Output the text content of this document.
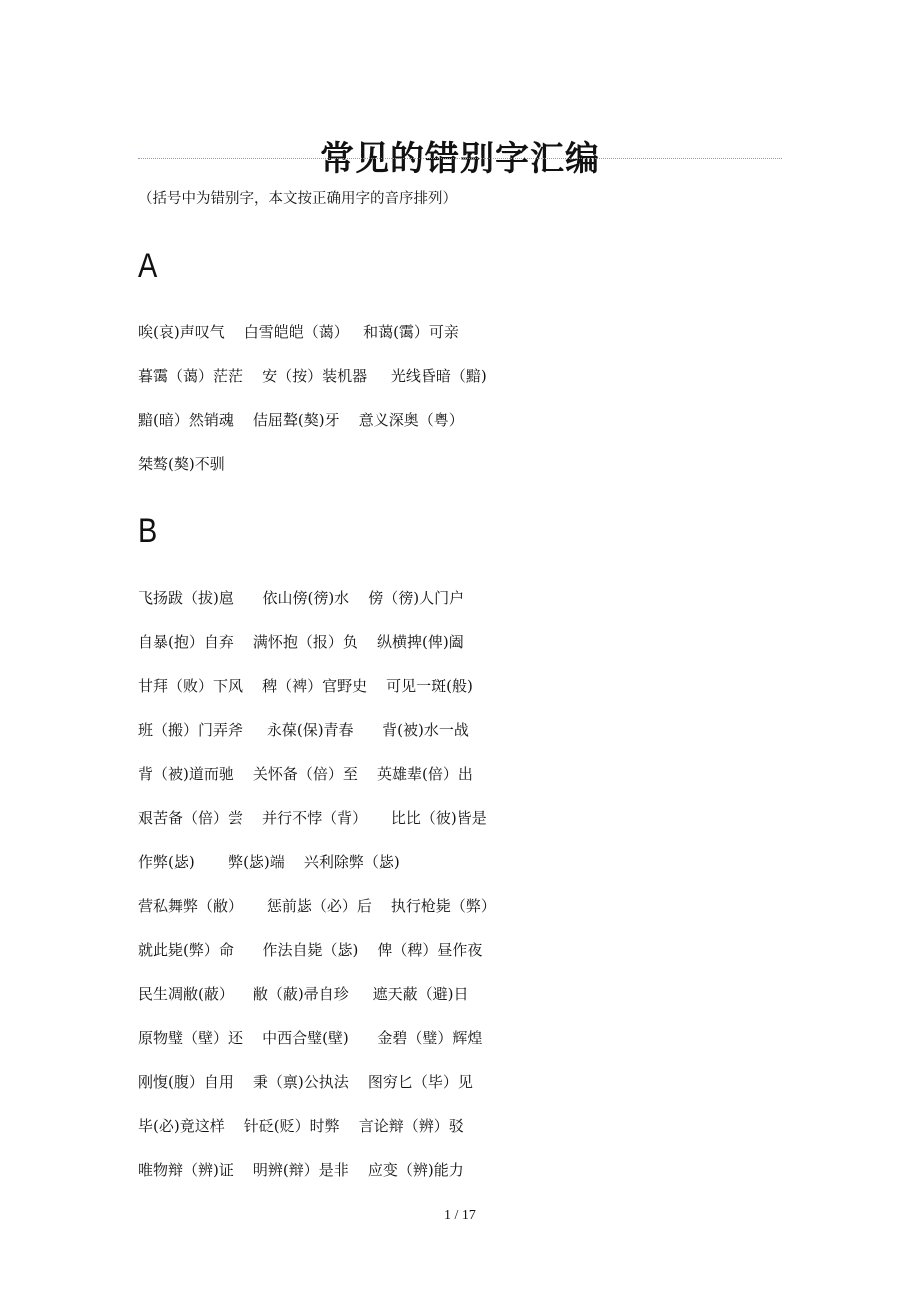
常见的错别字汇编
（括号中为错别字，本文按正确用字的音序排列）
A
唉(哀)声叹气    白雪皑皑（蔼）   和蔼(霭）可亲
暮霭（蔼）茫茫    安（按）装机器     光线昏暗（黯)
黯(暗）然销魂    佶屈聱(獒)牙    意义深奥（粤）
桀骜(獒)不驯
B
飞扬跋（拔)扈      依山傍(徬)水    傍（徬)人门户
自暴(抱）自弃    满怀抱（报）负    纵横捭(俾)阖
甘拜（败）下风    稗（裨）官野史    可见一斑(般)
班（搬）门弄斧     永葆(保)青春      背(被)水一战
背（被)道而驰    关怀备（倍）至    英雄辈(倍）出
艰苦备（倍）尝    并行不悖（背）     比比（彼)皆是
作弊(毖)       弊(毖)端    兴利除弊（毖)
营私舞弊（敝）     惩前毖（必）后    执行枪毙（弊）
就此毙(弊）命      作法自毙（毖)    俾（稗）昼作夜
民生凋敝(蔽）    敝（蔽)帚自珍     遮天蔽（避)日
原物璧（壁）还    中西合璧(壁)      金碧（璧）辉煌
刚愎(腹）自用    秉（禀)公执法    图穷匕（毕）见
毕(必)竟这样    针砭(贬）时弊    言论辩（辨）驳
唯物辩（辨)证    明辨(辩）是非    应变（辨)能力
1 / 17
